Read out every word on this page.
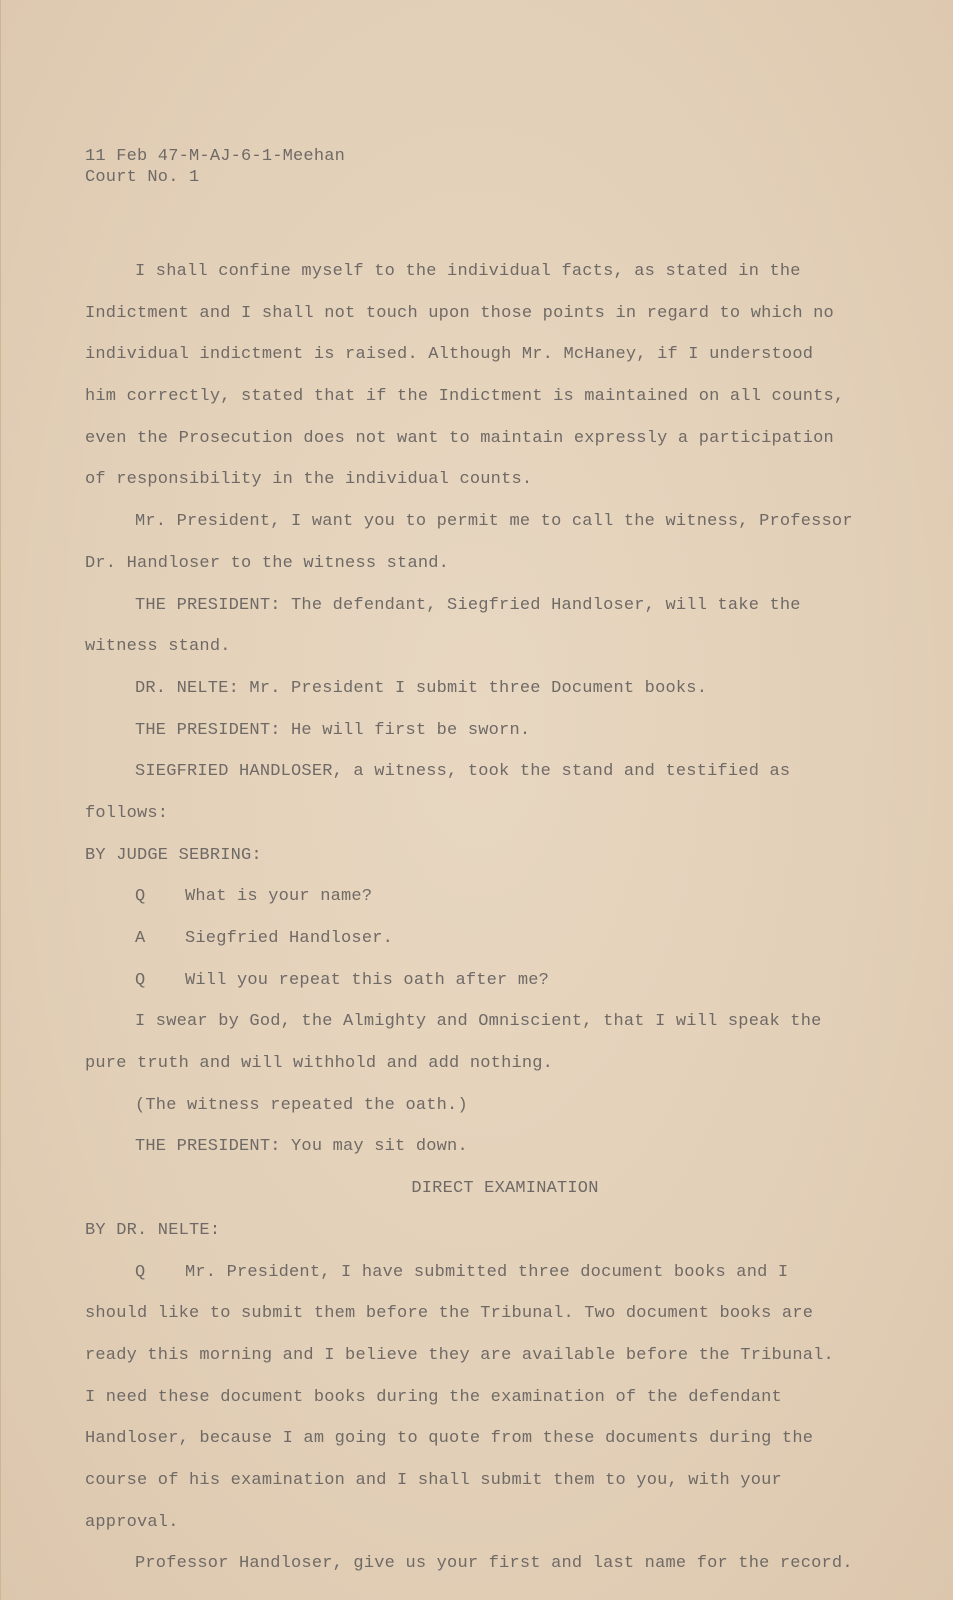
11 Feb 47-M-AJ-6-1-Meehan
Court No. 1
I shall confine myself to the individual facts, as stated in the
Indictment and I shall not touch upon those points in regard to which no
individual indictment is raised. Although Mr. McHaney, if I understood
him correctly, stated that if the Indictment is maintained on all counts,
even the Prosecution does not want to maintain expressly a participation
of responsibility in the individual counts.
Mr. President, I want you to permit me to call the witness, Professor
Dr. Handloser to the witness stand.
THE PRESIDENT: The defendant, Siegfried Handloser, will take the
witness stand.
DR. NELTE: Mr. President I submit three Document books.
THE PRESIDENT: He will first be sworn.
SIEGFRIED HANDLOSER, a witness, took the stand and testified as
follows:
BY JUDGE SEBRING:
Q What is your name?
A Siegfried Handloser.
Q Will you repeat this oath after me?
I swear by God, the Almighty and Omniscient, that I will speak the
pure truth and will withhold and add nothing.
(The witness repeated the oath.)
THE PRESIDENT: You may sit down.
DIRECT EXAMINATION
BY DR. NELTE:
Q Mr. President, I have submitted three document books and I
should like to submit them before the Tribunal. Two document books are
ready this morning and I believe they are available before the Tribunal.
I need these document books during the examination of the defendant
Handloser, because I am going to quote from these documents during the
course of his examination and I shall submit them to you, with your
approval.
Professor Handloser, give us your first and last name for the record.
